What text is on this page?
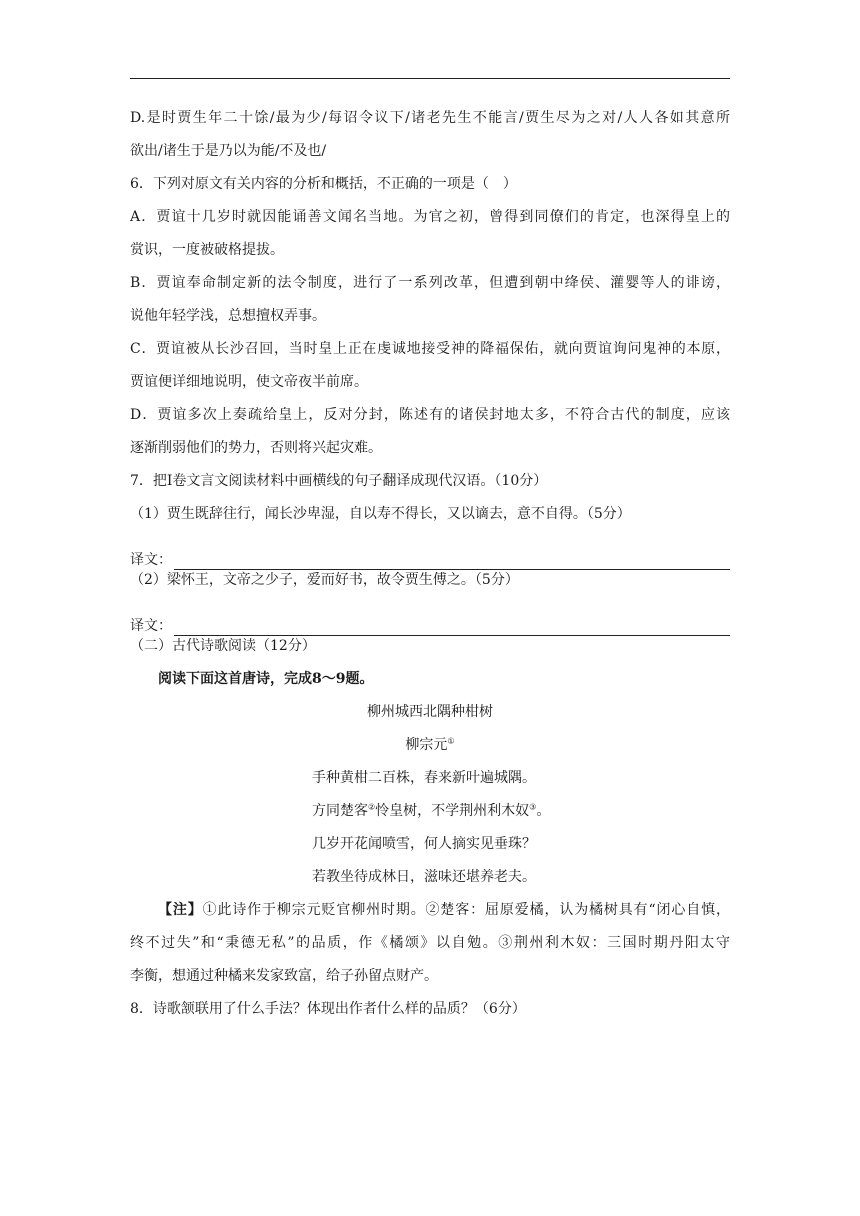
D.是时贾生年二十馀/最为少/每诏令议下/诸老先生不能言/贾生尽为之对/人人各如其意所
欲出/诸生于是乃以为能/不及也/
6．下列对原文有关内容的分析和概括，不正确的一项是（　）
A．贾谊十几岁时就因能诵善文闻名当地。为官之初，曾得到同僚们的肯定，也深得皇上的
赏识，一度被破格提拔。
B．贾谊奉命制定新的法令制度，进行了一系列改革，但遭到朝中绛侯、灌婴等人的诽谤，
说他年轻学浅，总想擅权弄事。
C．贾谊被从长沙召回，当时皇上正在虔诚地接受神的降福保佑，就向贾谊询问鬼神的本原，
贾谊便详细地说明，使文帝夜半前席。
D．贾谊多次上奏疏给皇上，反对分封，陈述有的诸侯封地太多，不符合古代的制度，应该
逐渐削弱他们的势力，否则将兴起灾难。
7．把Ⅰ卷文言文阅读材料中画横线的句子翻译成现代汉语。（10分）
（1）贾生既辞往行，闻长沙卑湿，自以寿不得长，又以谪去，意不自得。（5分）
译文：
（2）梁怀王，文帝之少子，爱而好书，故令贾生傅之。（5分）
译文：
（二）古代诗歌阅读（12分）
阅读下面这首唐诗，完成8～9题。
柳州城西北隅种柑树
柳宗元①
手种黄柑二百株，春来新叶遍城隅。
方同楚客②怜皇树，不学荆州利木奴③。
几岁开花闻喷雪，何人摘实见垂珠？
若教坐待成林日，滋味还堪养老夫。
【注】①此诗作于柳宗元贬官柳州时期。②楚客：屈原爱橘，认为橘树具有“闭心自慎，
终不过失”和“秉德无私”的品质，作《橘颂》以自勉。③荆州利木奴：三国时期丹阳太守
李衡，想通过种橘来发家致富，给子孙留点财产。
8．诗歌颔联用了什么手法？体现出作者什么样的品质？（6分）
